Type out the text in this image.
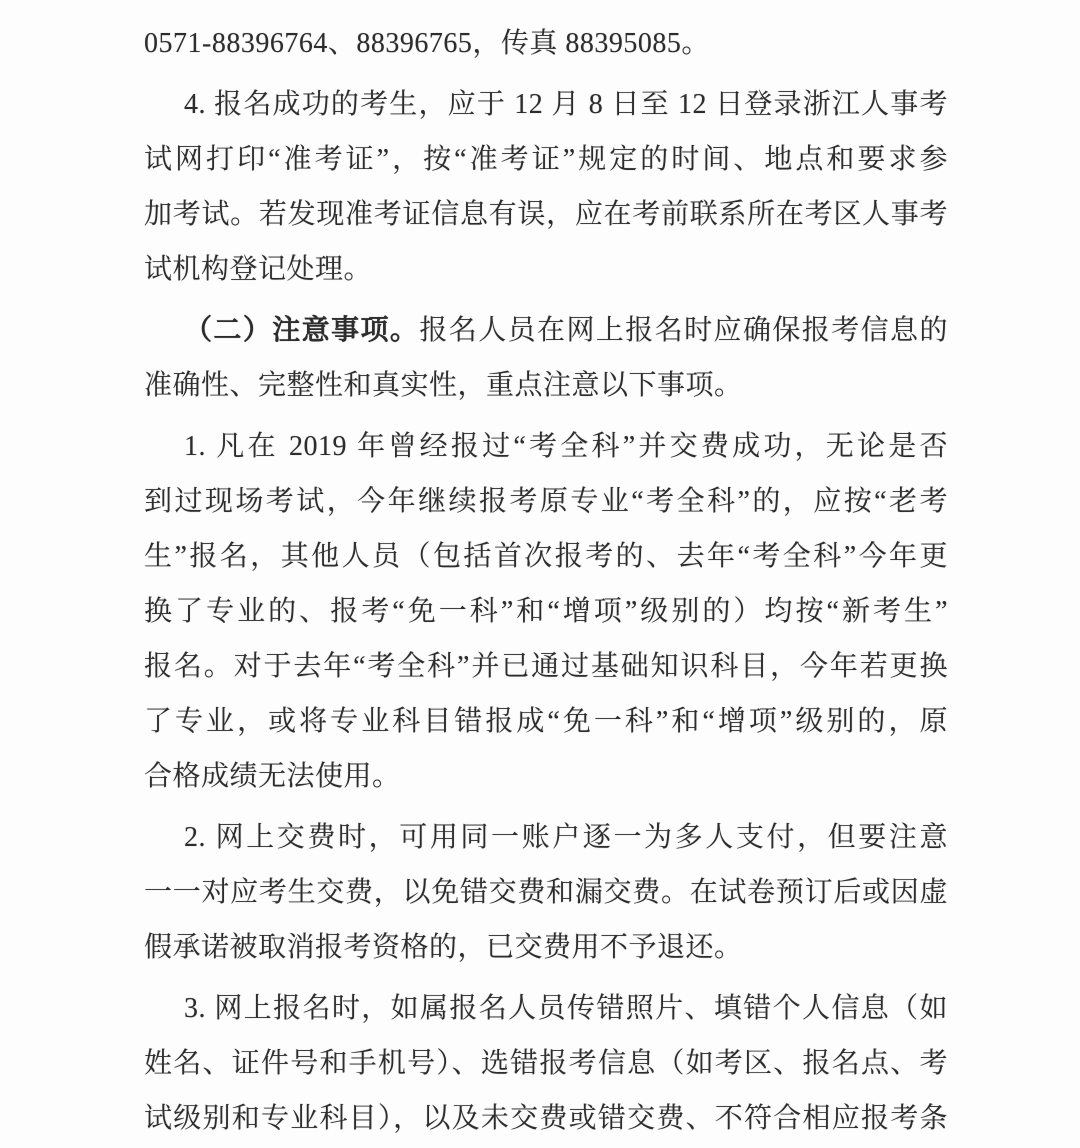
0571-88396764、88396765，传真 88395085。
4. 报名成功的考生，应于 12 月 8 日至 12 日登录浙江人事考
试网打印“准考证”，按“准考证”规定的时间、地点和要求参
加考试。若发现准考证信息有误，应在考前联系所在考区人事考
试机构登记处理。
（二）注意事项。报名人员在网上报名时应确保报考信息的
准确性、完整性和真实性，重点注意以下事项。
1. 凡在 2019 年曾经报过“考全科”并交费成功，无论是否
到过现场考试，今年继续报考原专业“考全科”的，应按“老考
生”报名，其他人员（包括首次报考的、去年“考全科”今年更
换了专业的、报考“免一科”和“增项”级别的）均按“新考生”
报名。对于去年“考全科”并已通过基础知识科目，今年若更换
了专业，或将专业科目错报成“免一科”和“增项”级别的，原
合格成绩无法使用。
2. 网上交费时，可用同一账户逐一为多人支付，但要注意
一一对应考生交费，以免错交费和漏交费。在试卷预订后或因虚
假承诺被取消报考资格的，已交费用不予退还。
3. 网上报名时，如属报名人员传错照片、填错个人信息（如
姓名、证件号和手机号）、选错报考信息（如考区、报名点、考
试级别和专业科目），以及未交费或错交费、不符合相应报考条
